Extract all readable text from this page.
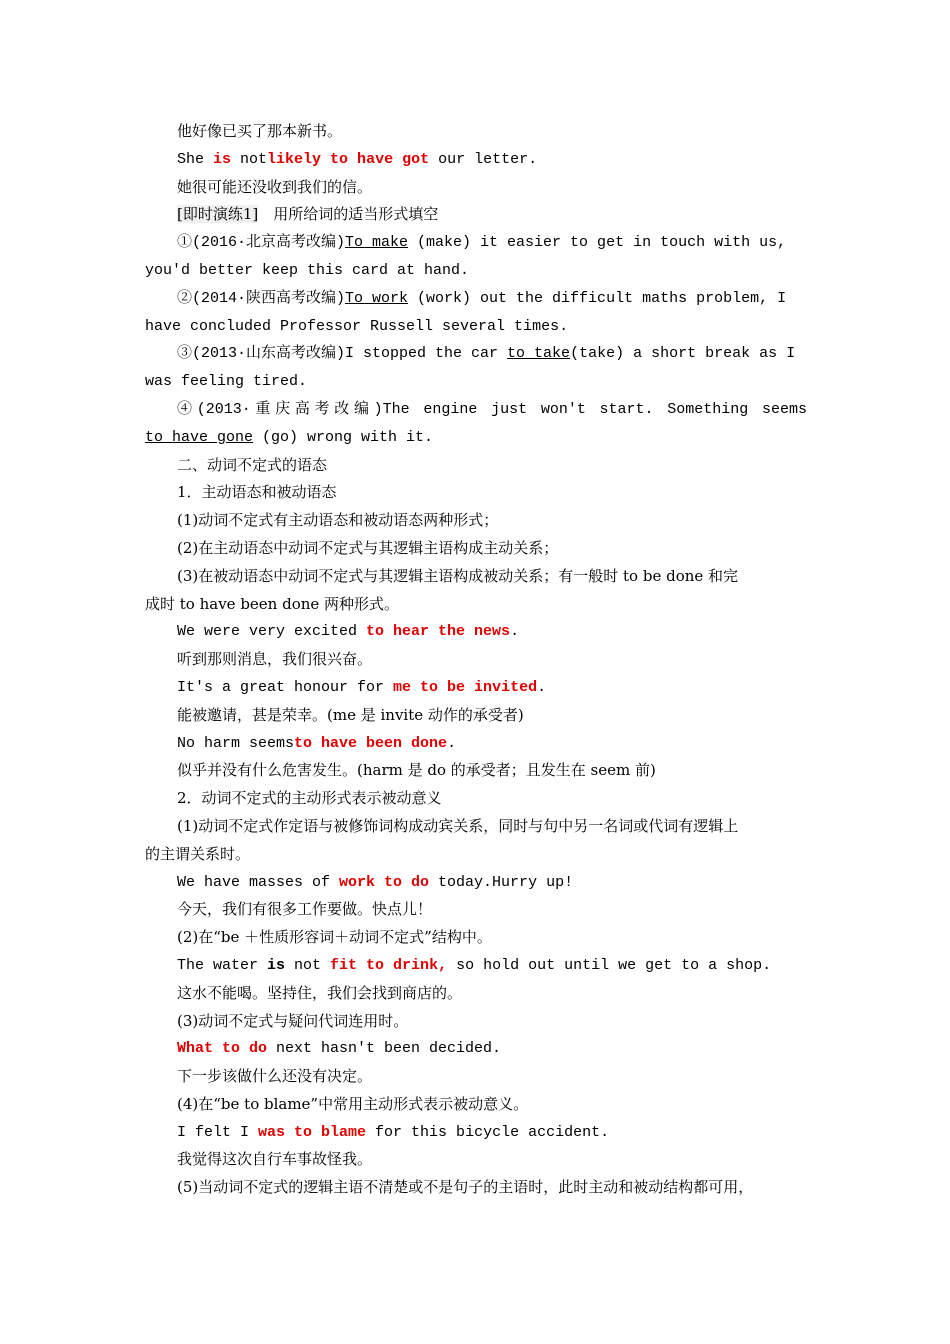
他好像已买了那本新书。
She is notlikely to have got our letter.
她很可能还没收到我们的信。
[即时演练1]　用所给词的适当形式填空
①(2016·北京高考改编)To make (make) it easier to get in touch with us,
you'd better keep this card at hand.
②(2014·陕西高考改编)To work (work) out the difficult maths problem, I
have concluded Professor Russell several times.
③(2013·山东高考改编)I stopped the car to take(take) a short break as I
was feeling tired.
④(2013·重庆高考改编)The engine just won't start. Something seems
to have gone (go) wrong with it.
二、动词不定式的语态
1．主动语态和被动语态
(1)动词不定式有主动语态和被动语态两种形式；
(2)在主动语态中动词不定式与其逻辑主语构成主动关系；
(3)在被动语态中动词不定式与其逻辑主语构成被动关系；有一般时 to be done 和完
成时 to have been done 两种形式。
We were very excited to hear the news.
听到那则消息，我们很兴奋。
It's a great honour for me to be invited.
能被邀请，甚是荣幸。(me 是 invite 动作的承受者)
No harm seemsto have been done.
似乎并没有什么危害发生。(harm 是 do 的承受者；且发生在 seem 前)
2．动词不定式的主动形式表示被动意义
(1)动词不定式作定语与被修饰词构成动宾关系，同时与句中另一名词或代词有逻辑上
的主谓关系时。
We have masses of work to do today.Hurry up!
今天，我们有很多工作要做。快点儿！
(2)在“be ＋性质形容词＋动词不定式”结构中。
The water is not fit to drink, so hold out until we get to a shop.
这水不能喝。坚持住，我们会找到商店的。
(3)动词不定式与疑问代词连用时。
What to do next hasn't been decided.
下一步该做什么还没有决定。
(4)在“be to blame”中常用主动形式表示被动意义。
I felt I was to blame for this bicycle accident.
我觉得这次自行车事故怪我。
(5)当动词不定式的逻辑主语不清楚或不是句子的主语时，此时主动和被动结构都可用，
